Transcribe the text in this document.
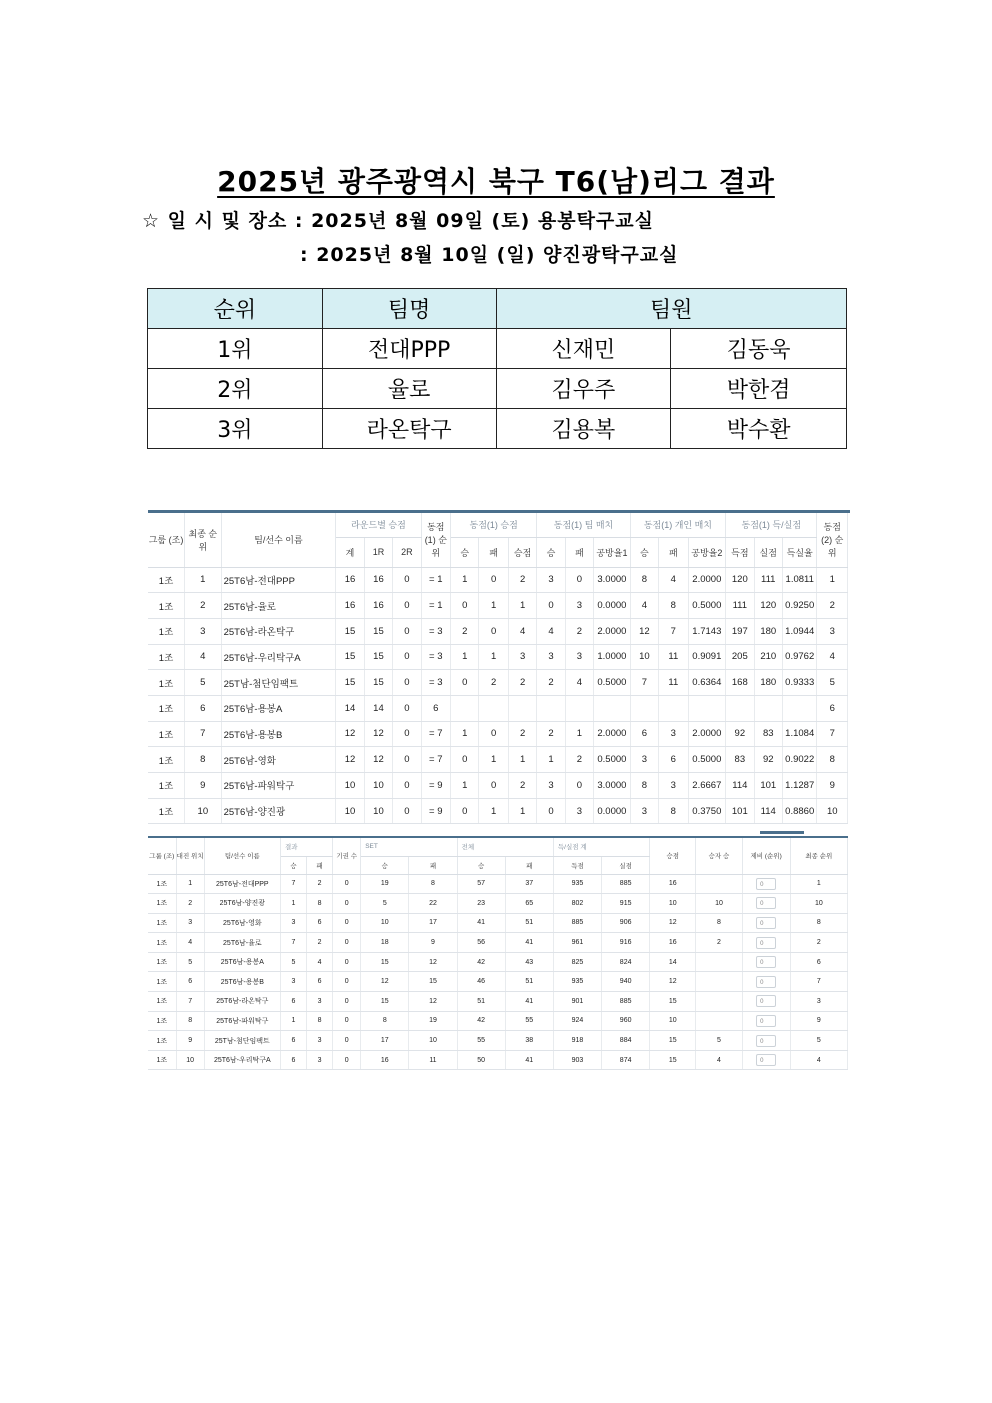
2025년 광주광역시 북구 T6(남)리그 결과
☆ 일 시 및 장소 : 2025년 8월 09일 (토) 용봉탁구교실
: 2025년 8월 10일 (일) 양진광탁구교실
순위	팀명	팀원	
1위	전대PPP	신재민	김동욱
2위	율로	김우주	박한겸
3위	라온탁구	김용복	박수환
그룹 (조)	최종 순위	팀/선수 이름	라운드별 승점			동점 (1) 순위	동점(1) 승점			동점(1) 팀 매치			동점(1) 개인 매치			동점(1) 득/실점			동점 (2) 순위
			계	1R	2R		승	패	승점	승	패	공방율1	승	패	공방율2	득점	실점	득실율	
1조	1	25T6남-전대PPP	16	16	0	= 1	1	0	2	3	0	3.0000	8	4	2.0000	120	111	1.0811	1
1조	2	25T6남-율로	16	16	0	= 1	0	1	1	0	3	0.0000	4	8	0.5000	111	120	0.9250	2
1조	3	25T6남-라온탁구	15	15	0	= 3	2	0	4	4	2	2.0000	12	7	1.7143	197	180	1.0944	3
1조	4	25T6남-우리탁구A	15	15	0	= 3	1	1	3	3	3	1.0000	10	11	0.9091	205	210	0.9762	4
1조	5	25T남-첨단임팩트	15	15	0	= 3	0	2	2	2	4	0.5000	7	11	0.6364	168	180	0.9333	5
1조	6	25T6남-용봉A	14	14	0	6													6
1조	7	25T6남-용봉B	12	12	0	= 7	1	0	2	2	1	2.0000	6	3	2.0000	92	83	1.1084	7
1조	8	25T6남-영화	12	12	0	= 7	0	1	1	1	2	0.5000	3	6	0.5000	83	92	0.9022	8
1조	9	25T6남-파워탁구	10	10	0	= 9	1	0	2	3	0	3.0000	8	3	2.6667	114	101	1.1287	9
1조	10	25T6남-양진광	10	10	0	= 9	0	1	1	0	3	0.0000	3	8	0.3750	101	114	0.8860	10
그룹 (조)	대진 위치	팀/선수 이름	결과		기권 수	SET		전체		득/실점 계		승점	승자 승	제비 (순위)	최종 순위
			승	패		승	패	승	패	득점	실점				
1조	1	25T6남-전대PPP	7	2	0	19	8	57	37	935	885	16		0	1
1조	2	25T6남-양진광	1	8	0	5	22	23	65	802	915	10	10	0	10
1조	3	25T6남-영화	3	6	0	10	17	41	51	885	906	12	8	0	8
1조	4	25T6남-율로	7	2	0	18	9	56	41	961	916	16	2	0	2
1조	5	25T6남-용봉A	5	4	0	15	12	42	43	825	824	14		0	6
1조	6	25T6남-용봉B	3	6	0	12	15	46	51	935	940	12		0	7
1조	7	25T6남-라온탁구	6	3	0	15	12	51	41	901	885	15		0	3
1조	8	25T6남-파워탁구	1	8	0	8	19	42	55	924	960	10		0	9
1조	9	25T남-첨단임팩트	6	3	0	17	10	55	38	918	884	15	5	0	5
1조	10	25T6남-우리탁구A	6	3	0	16	11	50	41	903	874	15	4	0	4
